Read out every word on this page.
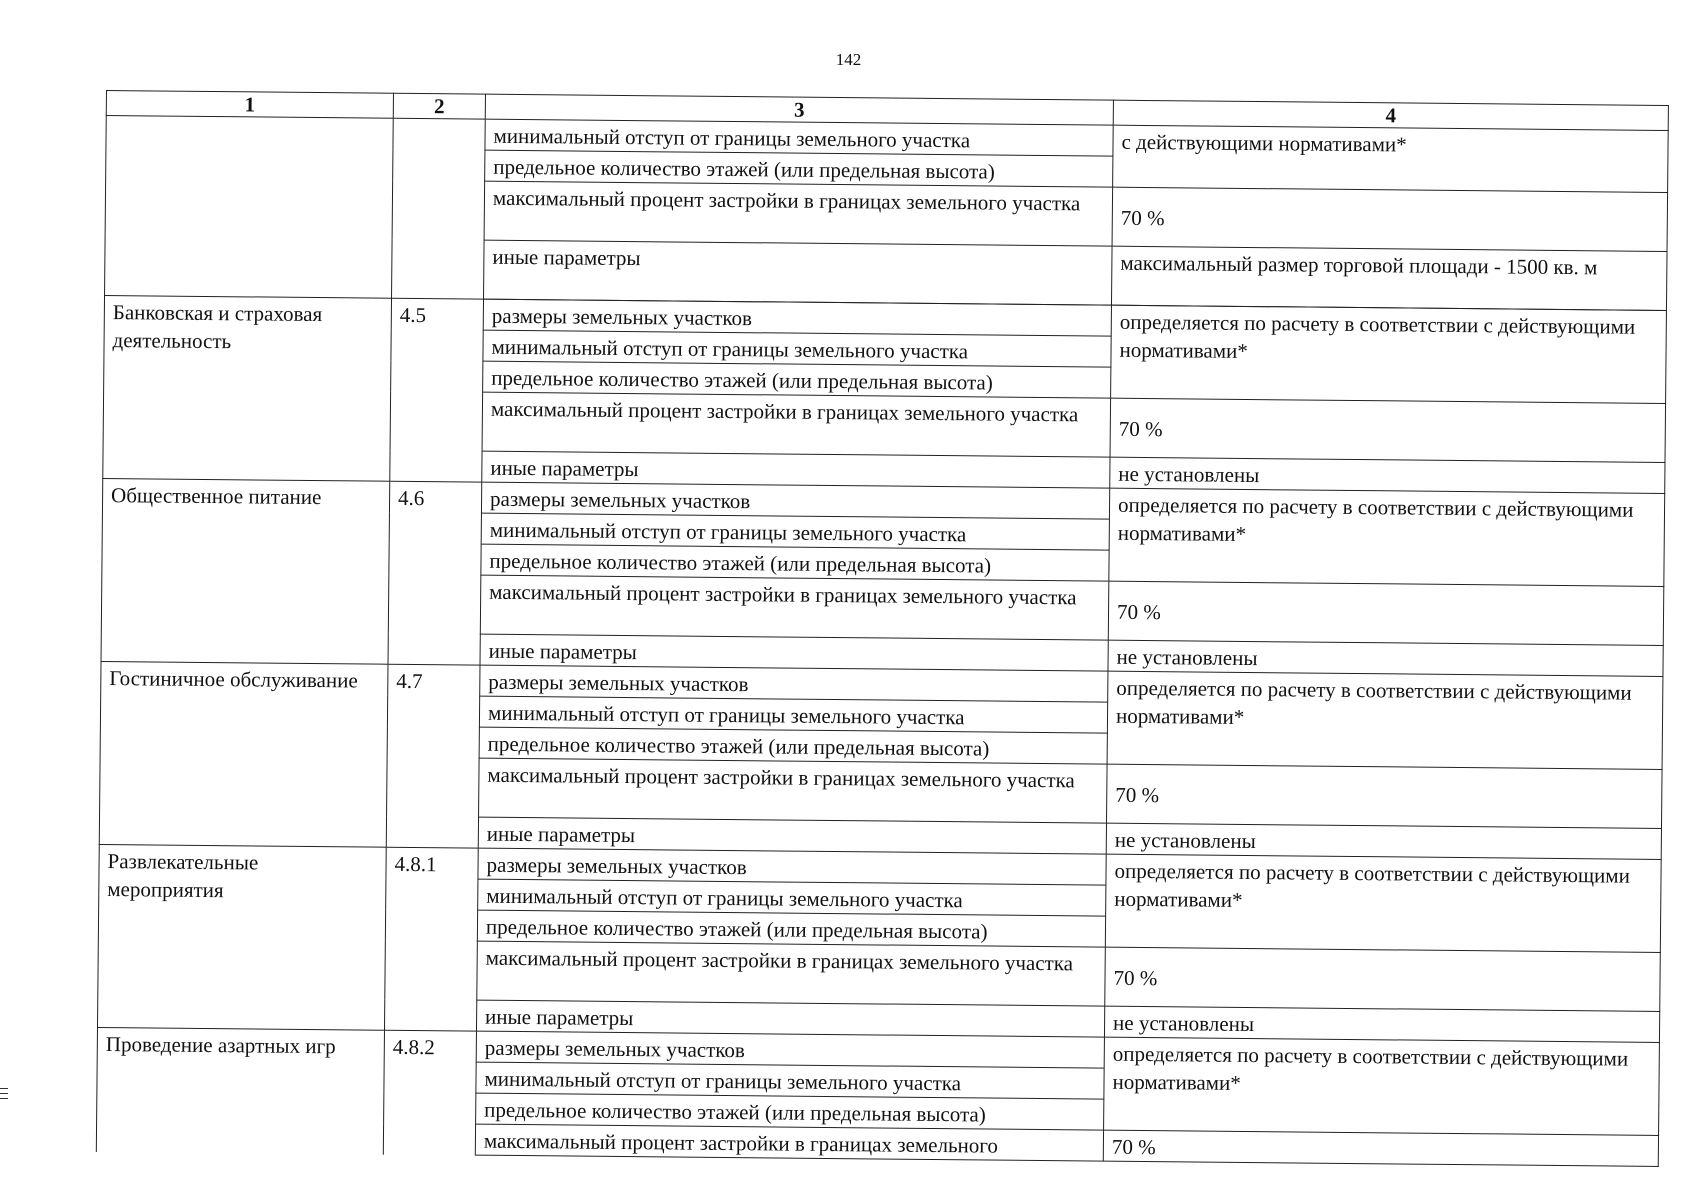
142
1	2	3	4
		минимальный отступ от границы земельного участка	с действующими нормативами*
		предельное количество этажей (или предельная высота)	
		максимальный процент застройки в границах земельного участка	70 %
		иные параметры	максимальный размер торговой площади - 1500 кв. м

Банковская и страховая деятельность	4.5	размеры земельных участков	определяется по расчету в соответствии с действующими нормативами*
		минимальный отступ от границы земельного участка	
		предельное количество этажей (или предельная высота)	
		максимальный процент застройки в границах земельного участка	70 %
		иные параметры	не установлены
Общественное питание	4.6	размеры земельных участков	определяется по расчету в соответствии с действующими нормативами*
		минимальный отступ от границы земельного участка	
		предельное количество этажей (или предельная высота)	
		максимальный процент застройки в границах земельного участка	70 %
		иные параметры	не установлены
Гостиничное обслуживание	4.7	размеры земельных участков	определяется по расчету в соответствии с действующими нормативами*
		минимальный отступ от границы земельного участка	
		предельное количество этажей (или предельная высота)	
		максимальный процент застройки в границах земельного участка	70 %
		иные параметры	не установлены
Развлекательные мероприятия	4.8.1	размеры земельных участков	определяется по расчету в соответствии с действующими нормативами*
		минимальный отступ от границы земельного участка	
		предельное количество этажей (или предельная высота)	
		максимальный процент застройки в границах земельного участка	70 %
		иные параметры	не установлены
Проведение азартных игр	4.8.2	размеры земельных участков	определяется по расчету в соответствии с действующими нормативами*
		минимальный отступ от границы земельного участка	
		предельное количество этажей (или предельная высота)	
		максимальный процент застройки в границах земельного	70 %
